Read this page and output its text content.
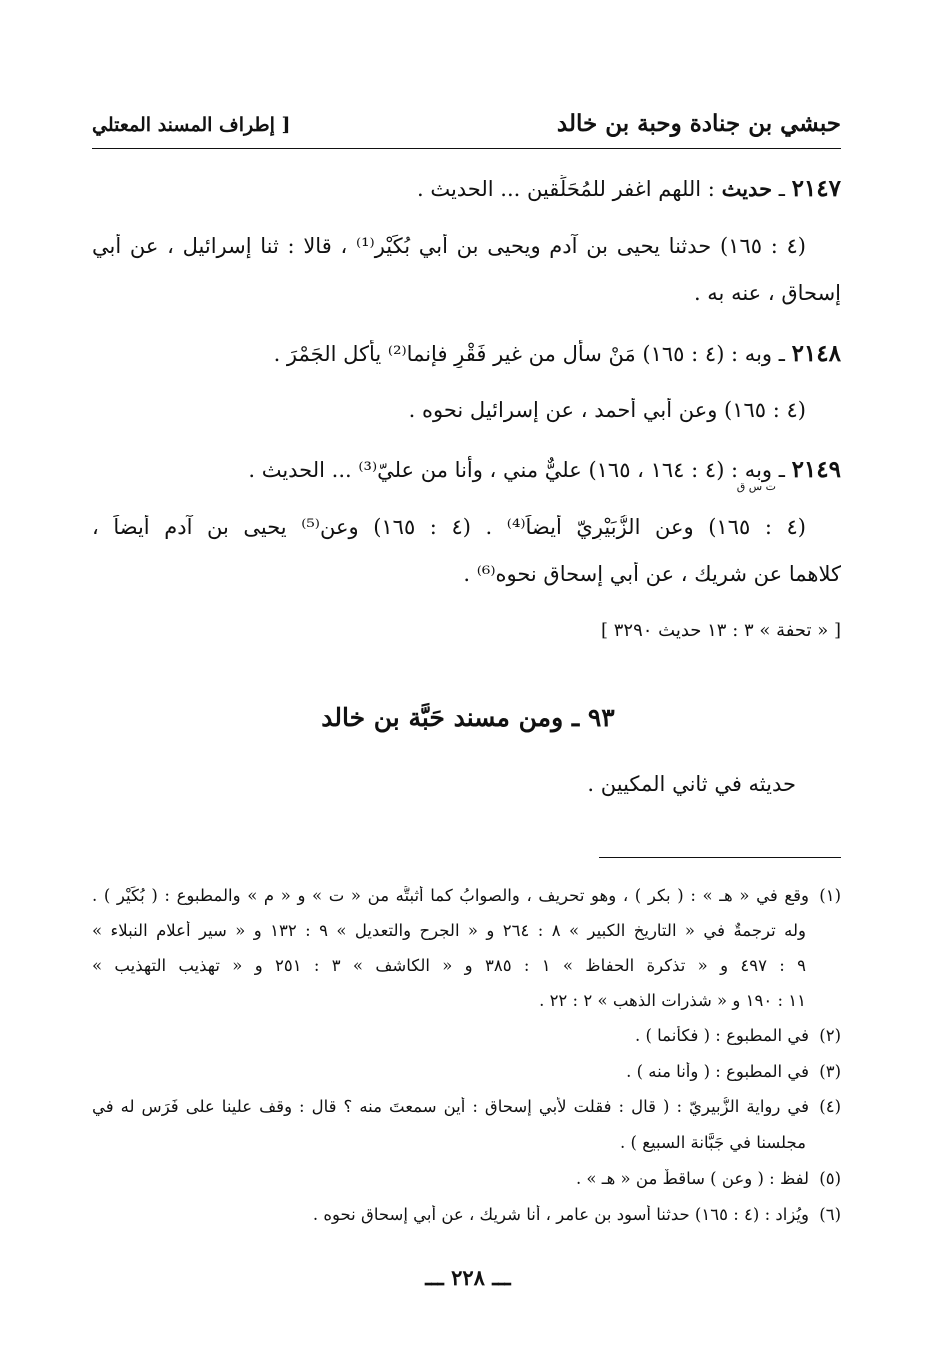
حبشي بن جنادة وحبة بن خالد
[ إطراف المسند المعتلي
٢١٤٧ ـ حديث : اللهم اغفر للمُحَلِّقين ... الحديث .
(٤ : ١٦٥) حدثنا يحيى بن آدم ويحيى بن أبي بُكَيْر⁽¹⁾ ، قالا : ثنا إسرائيل ، عن أبي
إسحاق ، عنه به .
٢١٤٨ ـ وبه : (٤ : ١٦٥) مَنْ سأل من غير فَقْرٍ فإنما⁽²⁾ يأكل الجَمْرَ .
(٤ : ١٦٥) وعن أبي أحمد ، عن إسرائيل نحوه .
٢١٤٩ ـ وبه : (٤ : ١٦٤ ، ١٦٥) عليٌّ مني ، وأنا من عليّ⁽³⁾ ... الحديث .
ت س ق
(٤ : ١٦٥) وعن الزُّبَيْرِيّ أيضاً⁽⁴⁾ . (٤ : ١٦٥) وعن⁽⁵⁾ يحيى بن آدم أيضاً ،
كلاهما عن شريك ، عن أبي إسحاق نحوه⁽⁶⁾ .
[ « تحفة » ٣ : ١٣ حديث ٣٢٩٠ ]
٩٣ ـ ومن مسند حَبَّة بن خالد
حديثه في ثاني المكيين .
(١)وقع في « هـ » : ( بكر ) ، وهو تحريف ، والصوابُ كما أثبتُّه من « ت » و « م » والمطبوع : ( بُكَيْر ) .
وله ترجمةٌ في « التاريخ الكبير » ٨ : ٢٦٤ و « الجرح والتعديل » ٩ : ١٣٢ و « سير أعلام النبلاء »
٩ : ٤٩٧ و « تذكرة الحفاظ » ١ : ٣٨٥ و « الكاشف » ٣ : ٢٥١ و « تهذيب التهذيب »
١١ : ١٩٠ و « شذرات الذهب » ٢ : ٢٢ .
(٢)في المطبوع : ( فكأنما ) .
(٣)في المطبوع : ( وأنا منه ) .
(٤)في رواية الزُّبيريّ : ( قال : فقلت لأبي إسحاق : أين سمعتَ منه ؟ قال : وقف علينا على فَرَسٍ له في
مجلسنا في جَبَّانة السبيع ) .
(٥)لفظ : ( وعن ) ساقطٌ من « هـ » .
(٦)ويُزاد : (٤ : ١٦٥) حدثنا أسود بن عامر ، أنا شريك ، عن أبي إسحاق نحوه .
ـــ ٢٢٨ ـــ
